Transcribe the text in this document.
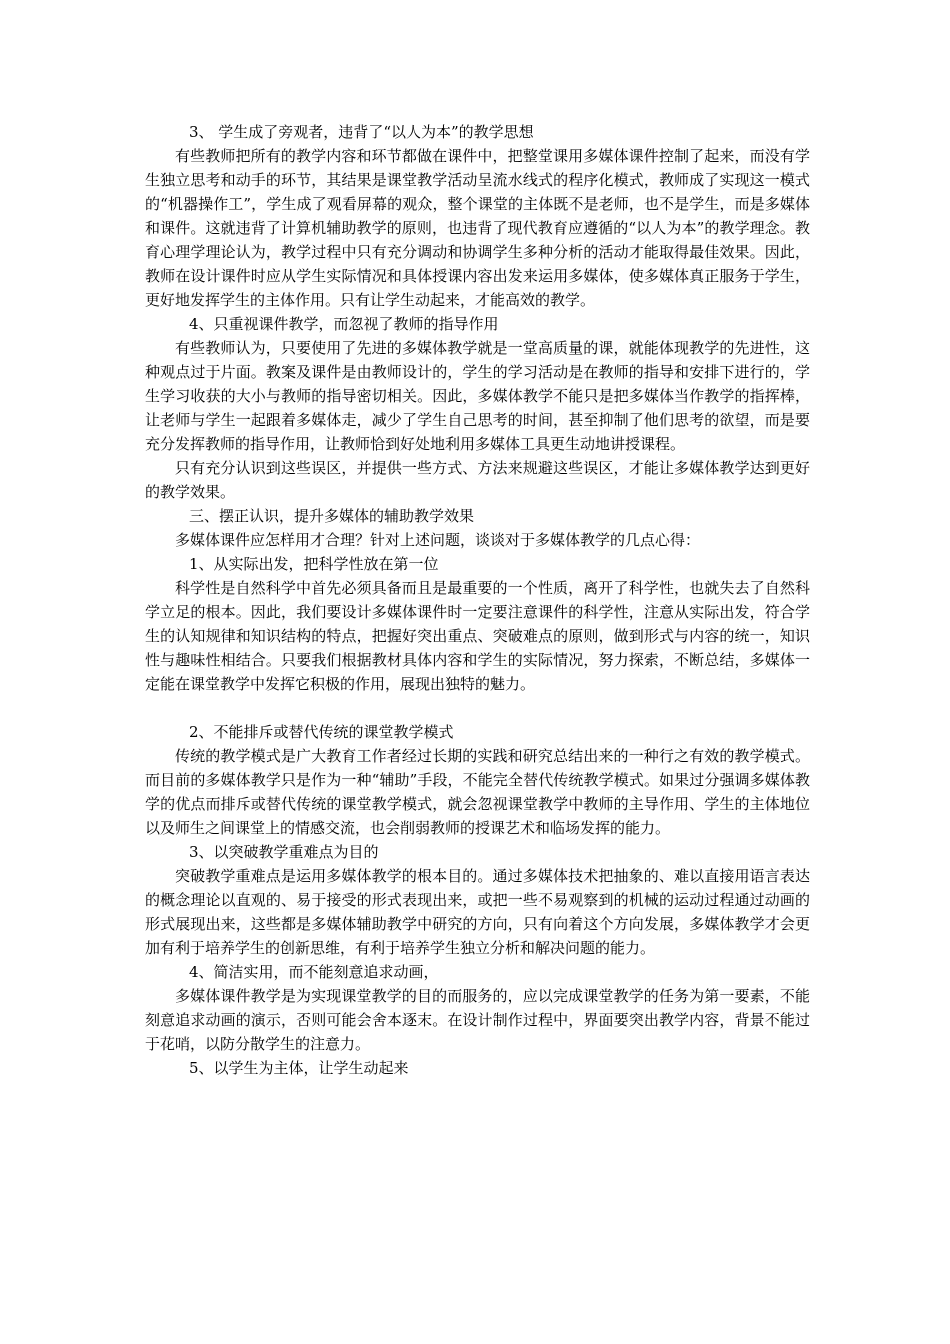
3、 学生成了旁观者，违背了“以人为本”的教学思想

有些教师把所有的教学内容和环节都做在课件中，把整堂课用多媒体课件控制了起来，而没有学生独立思考和动手的环节，其结果是课堂教学活动呈流水线式的程序化模式，教师成了实现这一模式的“机器操作工”，学生成了观看屏幕的观众，整个课堂的主体既不是老师，也不是学生，而是多媒体和课件。这就违背了计算机辅助教学的原则，也违背了现代教育应遵循的“以人为本”的教学理念。教育心理学理论认为，教学过程中只有充分调动和协调学生多种分析的活动才能取得最佳效果。因此，教师在设计课件时应从学生实际情况和具体授课内容出发来运用多媒体，使多媒体真正服务于学生，更好地发挥学生的主体作用。只有让学生动起来，才能高效的教学。

4、只重视课件教学，而忽视了教师的指导作用

有些教师认为，只要使用了先进的多媒体教学就是一堂高质量的课，就能体现教学的先进性，这种观点过于片面。教案及课件是由教师设计的，学生的学习活动是在教师的指导和安排下进行的，学生学习收获的大小与教师的指导密切相关。因此，多媒体教学不能只是把多媒体当作教学的指挥棒，让老师与学生一起跟着多媒体走，减少了学生自己思考的时间，甚至抑制了他们思考的欲望，而是要充分发挥教师的指导作用，让教师恰到好处地利用多媒体工具更生动地讲授课程。

只有充分认识到这些误区，并提供一些方式、方法来规避这些误区，才能让多媒体教学达到更好的教学效果。

三、摆正认识，提升多媒体的辅助教学效果

多媒体课件应怎样用才合理？针对上述问题，谈谈对于多媒体教学的几点心得：

1、从实际出发，把科学性放在第一位

科学性是自然科学中首先必须具备而且是最重要的一个性质，离开了科学性，也就失去了自然科学立足的根本。因此，我们要设计多媒体课件时一定要注意课件的科学性，注意从实际出发，符合学生的认知规律和知识结构的特点，把握好突出重点、突破难点的原则，做到形式与内容的统一，知识性与趣味性相结合。只要我们根据教材具体内容和学生的实际情况，努力探索，不断总结，多媒体一定能在课堂教学中发挥它积极的作用，展现出独特的魅力。

2、不能排斥或替代传统的课堂教学模式

传统的教学模式是广大教育工作者经过长期的实践和研究总结出来的一种行之有效的教学模式。而目前的多媒体教学只是作为一种“辅助”手段，不能完全替代传统教学模式。如果过分强调多媒体教学的优点而排斥或替代传统的课堂教学模式，就会忽视课堂教学中教师的主导作用、学生的主体地位以及师生之间课堂上的情感交流，也会削弱教师的授课艺术和临场发挥的能力。

3、以突破教学重难点为目的

突破教学重难点是运用多媒体教学的根本目的。通过多媒体技术把抽象的、难以直接用语言表达的概念理论以直观的、易于接受的形式表现出来，或把一些不易观察到的机械的运动过程通过动画的形式展现出来，这些都是多媒体辅助教学中研究的方向，只有向着这个方向发展，多媒体教学才会更加有利于培养学生的创新思维，有利于培养学生独立分析和解决问题的能力。

4、简洁实用，而不能刻意追求动画，

多媒体课件教学是为实现课堂教学的目的而服务的，应以完成课堂教学的任务为第一要素，不能刻意追求动画的演示，否则可能会舍本逐末。在设计制作过程中，界面要突出教学内容，背景不能过于花哨，以防分散学生的注意力。

5、以学生为主体，让学生动起来
